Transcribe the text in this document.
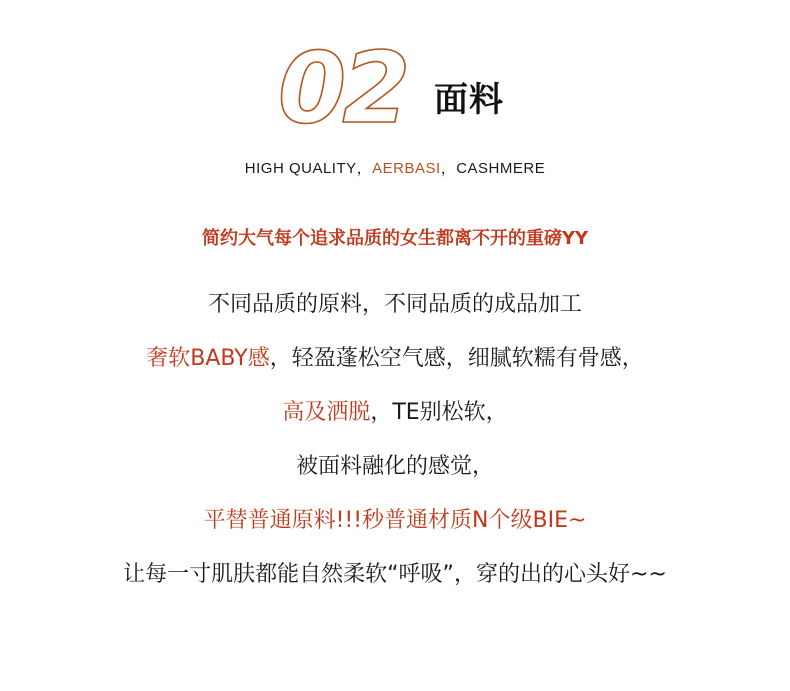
02 面料
HIGH QUALITY，AERBASI，CASHMERE
简约大气每个追求品质的女生都离不开的重磅YY
不同品质的原料，不同品质的成品加工
奢软BABY感，轻盈蓬松空气感，细腻软糯有骨感，
高及洒脱，TE别松软，
被面料融化的感觉，
平替普通原料!!!秒普通材质N个级BIE~
让每一寸肌肤都能自然柔软“呼吸”，穿的出的心头好~~
